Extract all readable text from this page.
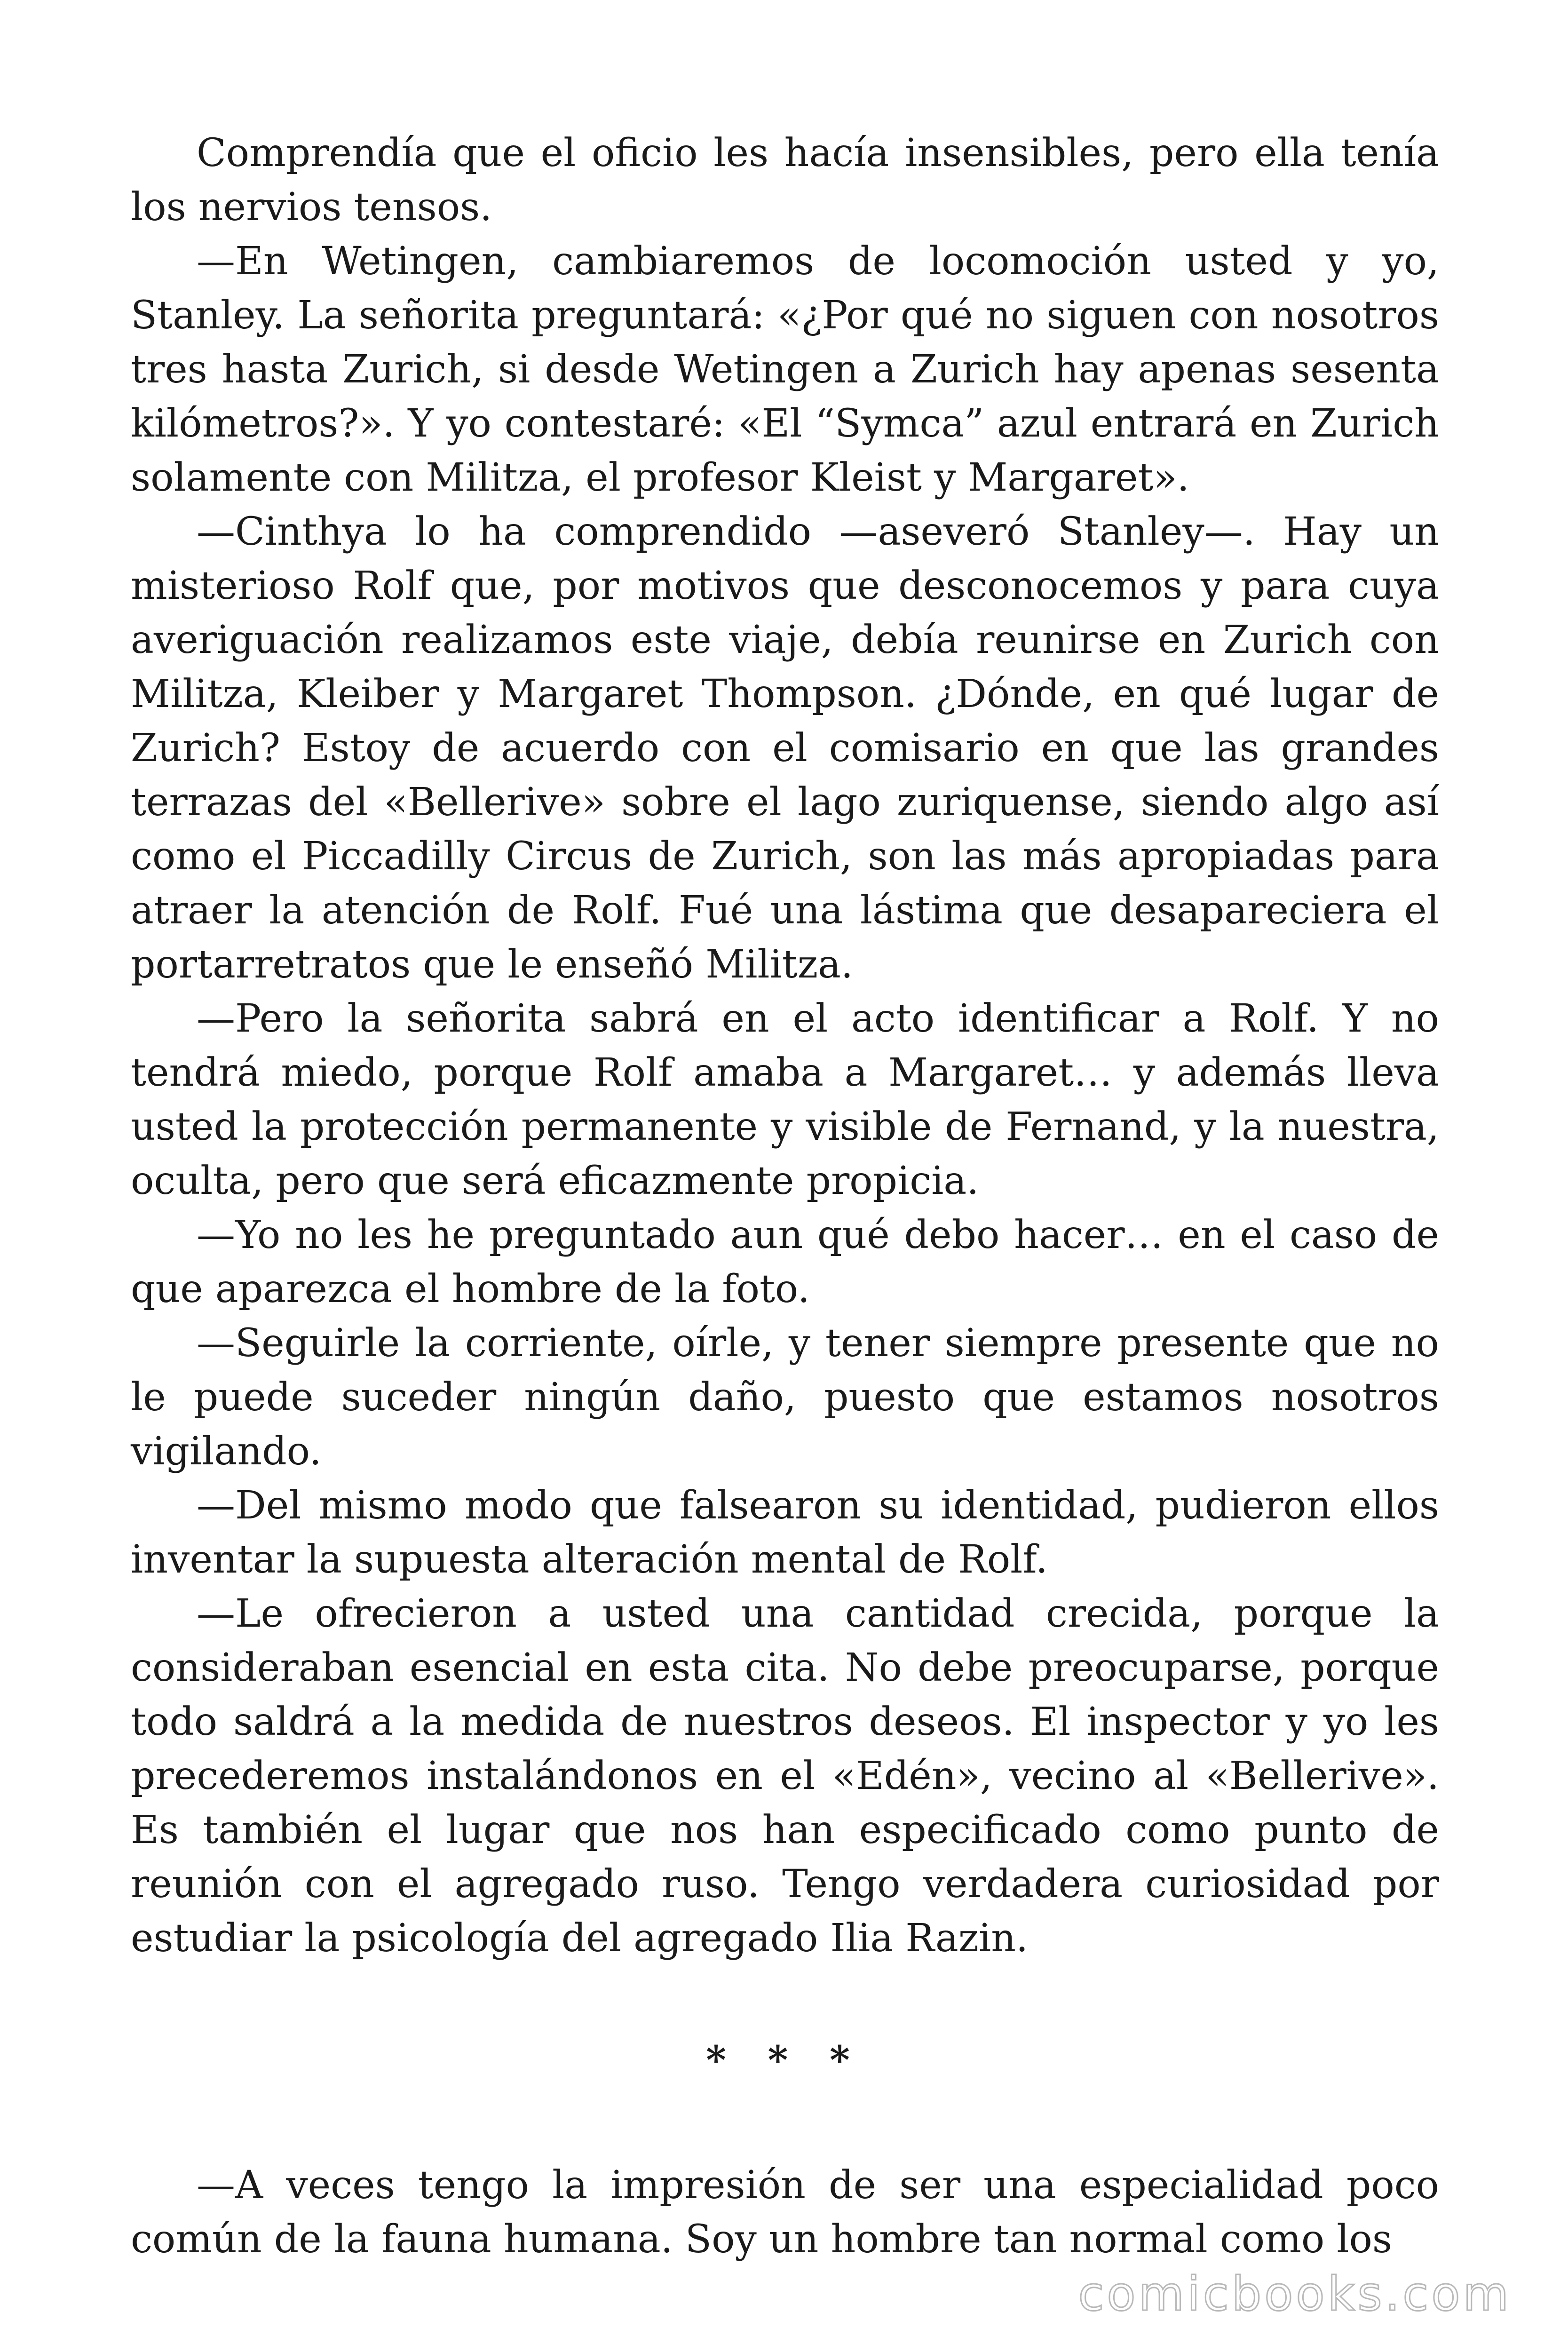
Comprendía que el oficio les hacía insensibles, pero ella tenía los nervios tensos.

—En Wetingen, cambiaremos de locomoción usted y yo, Stanley. La señorita preguntará: «¿Por qué no siguen con nosotros tres hasta Zurich, si desde Wetingen a Zurich hay apenas sesenta kilómetros?». Y yo contestaré: «El “Symca” azul entrará en Zurich solamente con Militza, el profesor Kleist y Margaret».

—Cinthya lo ha comprendido —aseveró Stanley—. Hay un misterioso Rolf que, por motivos que desconocemos y para cuya averiguación realizamos este viaje, debía reunirse en Zurich con Militza, Kleiber y Margaret Thompson. ¿Dónde, en qué lugar de Zurich? Estoy de acuerdo con el comisario en que las grandes terrazas del «Bellerive» sobre el lago zuriquense, siendo algo así como el Piccadilly Circus de Zurich, son las más apropiadas para atraer la atención de Rolf. Fué una lástima que desapareciera el portarretratos que le enseñó Militza.

—Pero la señorita sabrá en el acto identificar a Rolf. Y no tendrá miedo, porque Rolf amaba a Margaret… y además lleva usted la protección permanente y visible de Fernand, y la nuestra, oculta, pero que será eficazmente propicia.

—Yo no les he preguntado aun qué debo hacer… en el caso de que aparezca el hombre de la foto.

—Seguirle la corriente, oírle, y tener siempre presente que no le puede suceder ningún daño, puesto que estamos nosotros vigilando.

—Del mismo modo que falsearon su identidad, pudieron ellos inventar la supuesta alteración mental de Rolf.

—Le ofrecieron a usted una cantidad crecida, porque la consideraban esencial en esta cita. No debe preocuparse, porque todo saldrá a la medida de nuestros deseos. El inspector y yo les precederemos instalándonos en el «Edén», vecino al «Bellerive». Es también el lugar que nos han especificado como punto de reunión con el agregado ruso. Tengo verdadera curiosidad por estudiar la psicología del agregado Ilia Razin.

* * *

—A veces tengo la impresión de ser una especialidad poco común de la fauna humana. Soy un hombre tan normal como los

comicbooks.com
